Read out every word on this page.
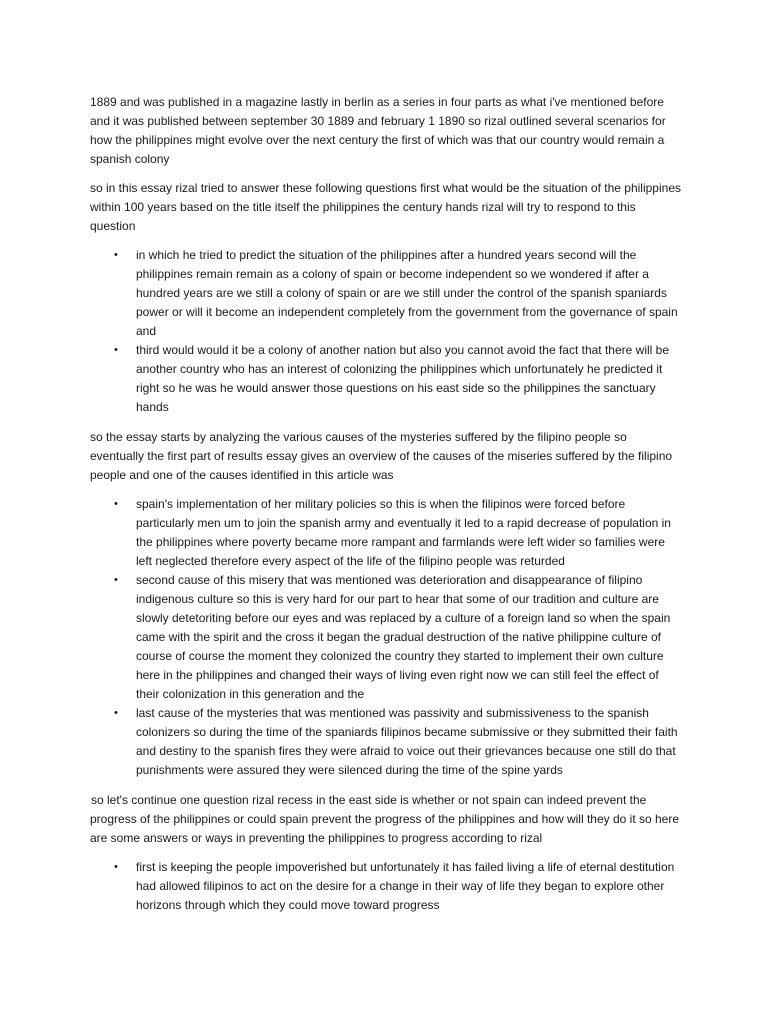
1889 and was published in a magazine lastly in berlin as a series in four parts as what i've mentioned before and it was published between september 30 1889 and february 1 1890 so rizal outlined several scenarios for how the philippines might evolve over the next century the first of which was that our country would remain a spanish colony

so in this essay rizal tried to answer these following questions first what would be the situation of the philippines within 100 years based on the title itself the philippines the century hands rizal will try to respond to this question

• in which he tried to predict the situation of the philippines after a hundred years second will the philippines remain remain as a colony of spain or become independent so we wondered if after a hundred years are we still a colony of spain or are we still under the control of the spanish spaniards power or will it become an independent completely from the government from the governance of spain and
• third would would it be a colony of another nation but also you cannot avoid the fact that there will be another country who has an interest of colonizing the philippines which unfortunately he predicted it right so he was he would answer those questions on his east side so the philippines the sanctuary hands

so the essay starts by analyzing the various causes of the mysteries suffered by the filipino people so eventually the first part of results essay gives an overview of the causes of the miseries suffered by the filipino people and one of the causes identified in this article was

• spain's implementation of her military policies so this is when the filipinos were forced before particularly men um to join the spanish army and eventually it led to a rapid decrease of population in the philippines where poverty became more rampant and farmlands were left wider so families were left neglected therefore every aspect of the life of the filipino people was returded
• second cause of this misery that was mentioned was deterioration and disappearance of filipino indigenous culture so this is very hard for our part to hear that some of our tradition and culture are slowly detetoriting before our eyes and was replaced by a culture of a foreign land so when the spain came with the spirit and the cross it began the gradual destruction of the native philippine culture of course of course the moment they colonized the country they started to implement their own culture here in the philippines and changed their ways of living even right now we can still feel the effect of their colonization in this generation and the
• last cause of the mysteries that was mentioned was passivity and submissiveness to the spanish colonizers so during the time of the spaniards filipinos became submissive or they submitted their faith and destiny to the spanish fires they were afraid to voice out their grievances because one still do that punishments were assured they were silenced during the time of the spine yards

so let's continue one question rizal recess in the east side is whether or not spain can indeed prevent the progress of the philippines or could spain prevent the progress of the philippines and how will they do it so here are some answers or ways in preventing the philippines to progress according to rizal

• first is keeping the people impoverished but unfortunately it has failed living a life of eternal destitution had allowed filipinos to act on the desire for a change in their way of life they began to explore other horizons through which they could move toward progress
